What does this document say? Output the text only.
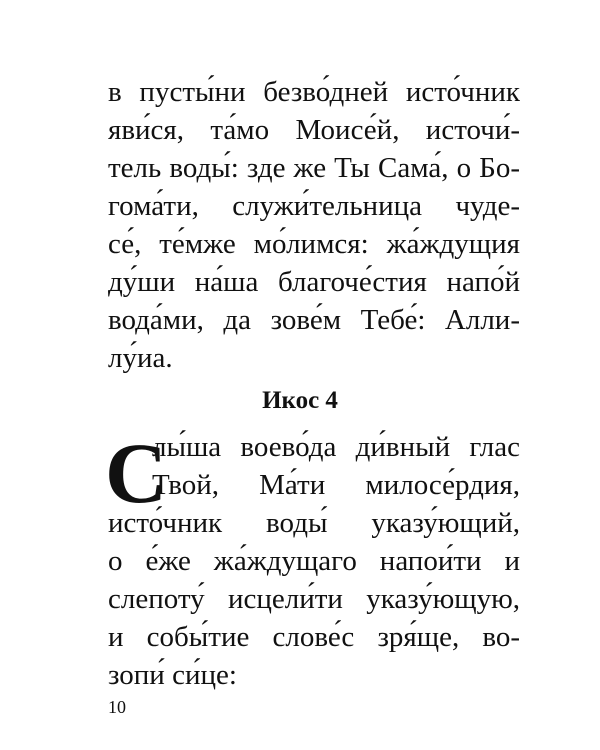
в пусты́ни безво́дней исто́чник
яви́ся, та́мо Моисе́й, источи́-
тель воды́: зде же Ты Сама́, о Бо-
гома́ти, служи́тельница чуде-
се́, те́мже мо́лимся: жа́ждущия
ду́ши на́ша благоче́стия напо́й
вода́ми, да зове́м Тебе́: Алли-
лу́иа.
Икос 4
С
лы́ша воево́да ди́вный глас
Твой, Ма́ти милосе́рдия,
исто́чник воды́ указу́ющий,
о е́же жа́ждущаго напои́ти и
слепоту́ исцели́ти указу́ющую,
и собы́тие слове́с зря́ще, во-
зопи́ си́це:
10
